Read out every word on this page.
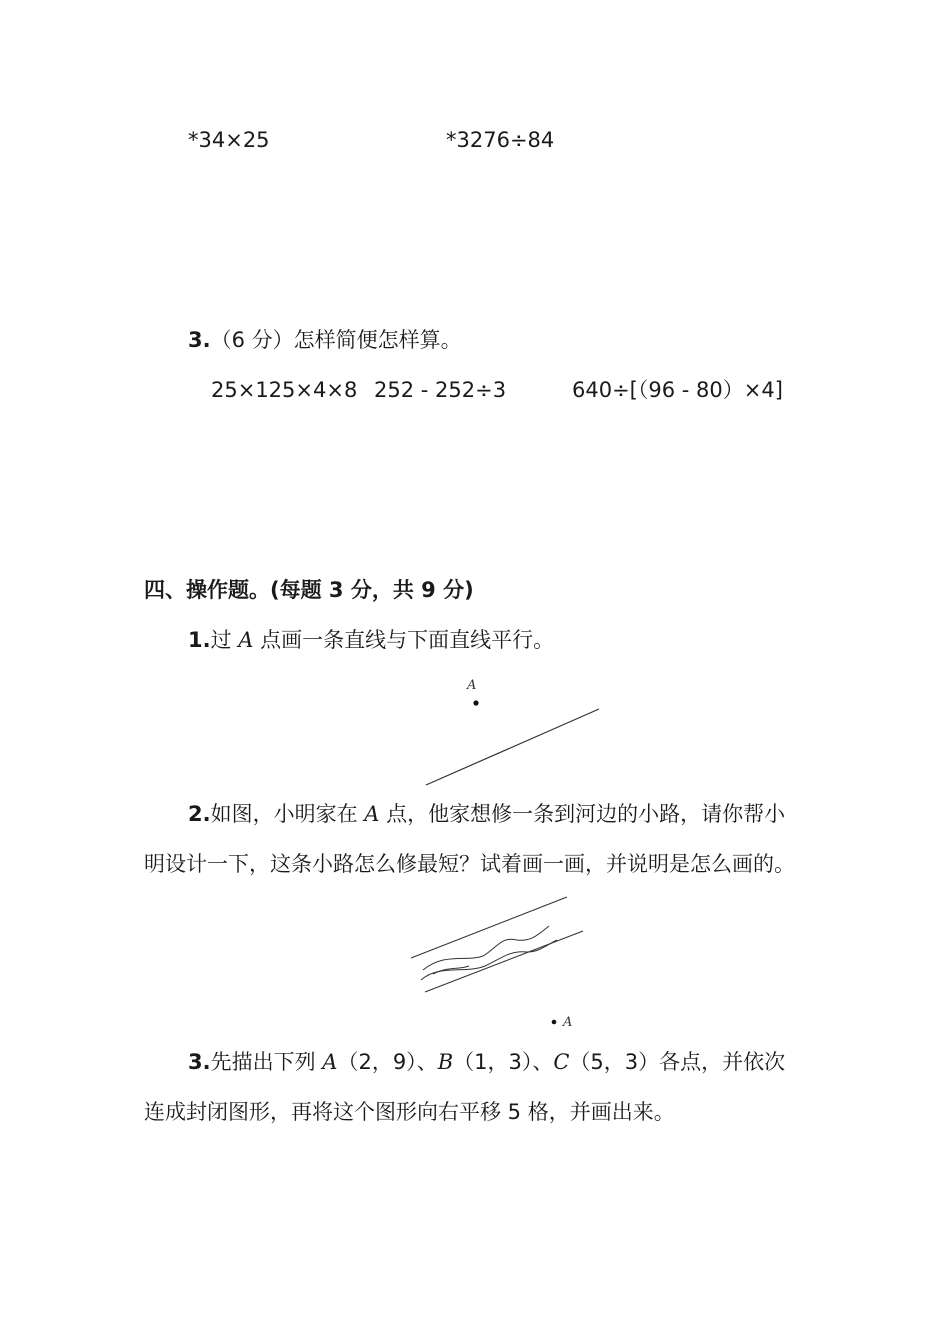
*34×25	*3276÷84
3.（6 分）怎样简便怎样算。
25×125×4×8 252 - 252÷3	640÷[（96 - 80）×4]
四、操作题。(每题 3 分，共 9 分)
1.过 A 点画一条直线与下面直线平行。
A
2.如图，小明家在 A 点，他家想修一条到河边的小路，请你帮小
明设计一下，这条小路怎么修最短？试着画一画，并说明是怎么画的。
A
3.先描出下列 A（2，9）、B（1，3）、C（5，3）各点，并依次
连成封闭图形，再将这个图形向右平移 5 格，并画出来。
